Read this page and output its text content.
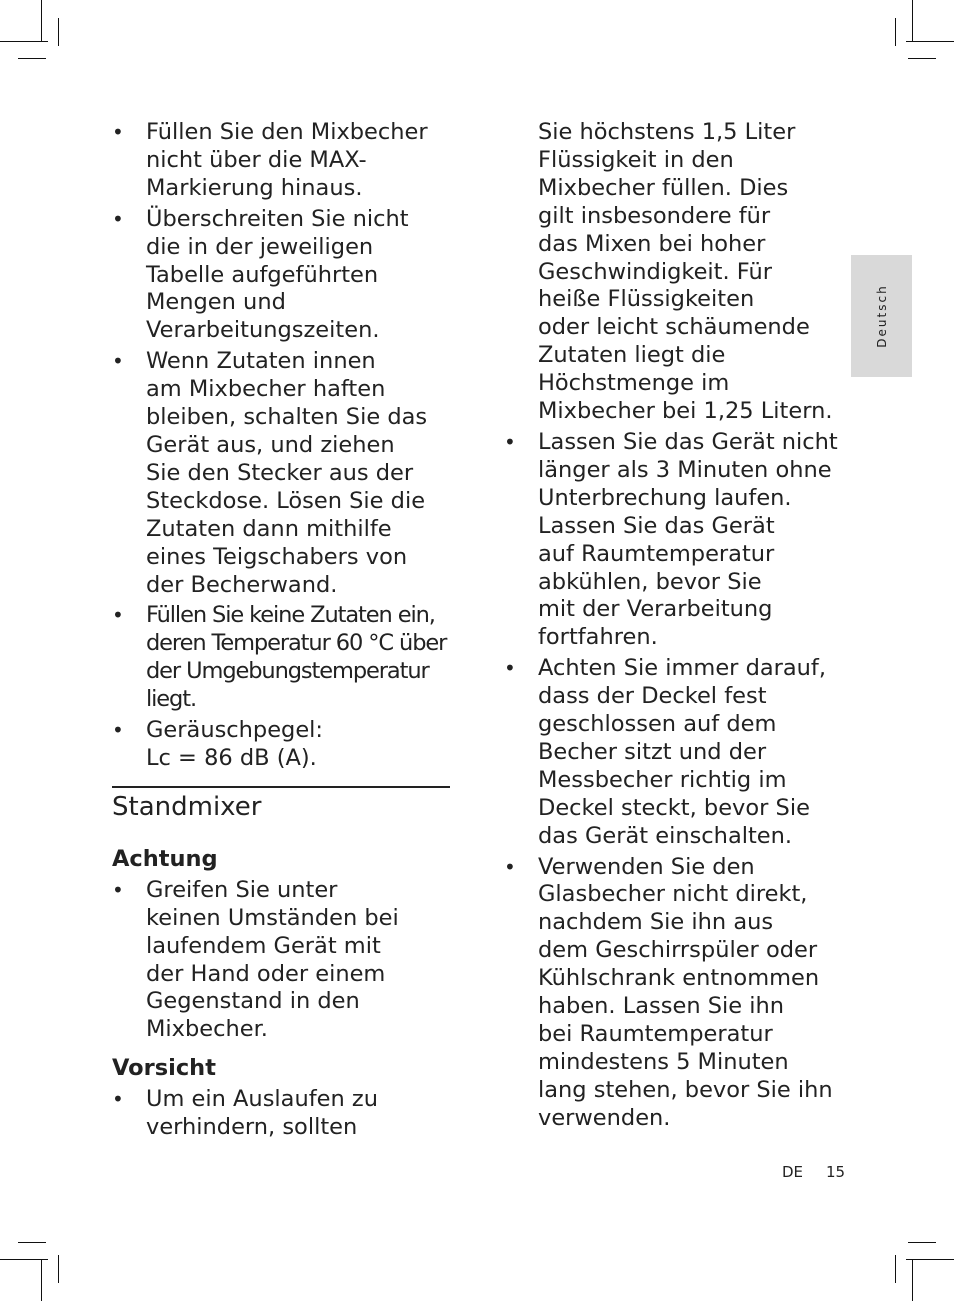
• Füllen Sie den Mixbecher
nicht über die MAX-
Markierung hinaus.
• Überschreiten Sie nicht
die in der jeweiligen
Tabelle aufgeführten
Mengen und
Verarbeitungszeiten.
• Wenn Zutaten innen
am Mixbecher haften
bleiben, schalten Sie das
Gerät aus, und ziehen
Sie den Stecker aus der
Steckdose. Lösen Sie die
Zutaten dann mithilfe
eines Teigschabers von
der Becherwand.
• Füllen Sie keine Zutaten ein,
deren Temperatur 60 °C über
der Umgebungstemperatur
liegt.
• Geräuschpegel:
Lc = 86 dB (A).
Standmixer
Achtung
• Greifen Sie unter
keinen Umständen bei
laufendem Gerät mit
der Hand oder einem
Gegenstand in den
Mixbecher.
Vorsicht
• Um ein Auslaufen zu
verhindern, sollten
Sie höchstens 1,5 Liter
Flüssigkeit in den
Mixbecher füllen. Dies
gilt insbesondere für
das Mixen bei hoher
Geschwindigkeit. Für
heiße Flüssigkeiten
oder leicht schäumende
Zutaten liegt die
Höchstmenge im
Mixbecher bei 1,25 Litern.
• Lassen Sie das Gerät nicht
länger als 3 Minuten ohne
Unterbrechung laufen.
Lassen Sie das Gerät
auf Raumtemperatur
abkühlen, bevor Sie
mit der Verarbeitung
fortfahren.
• Achten Sie immer darauf,
dass der Deckel fest
geschlossen auf dem
Becher sitzt und der
Messbecher richtig im
Deckel steckt, bevor Sie
das Gerät einschalten.
• Verwenden Sie den
Glasbecher nicht direkt,
nachdem Sie ihn aus
dem Geschirrspüler oder
Kühlschrank entnommen
haben. Lassen Sie ihn
bei Raumtemperatur
mindestens 5 Minuten
lang stehen, bevor Sie ihn
verwenden.
Deutsch
DE 15
